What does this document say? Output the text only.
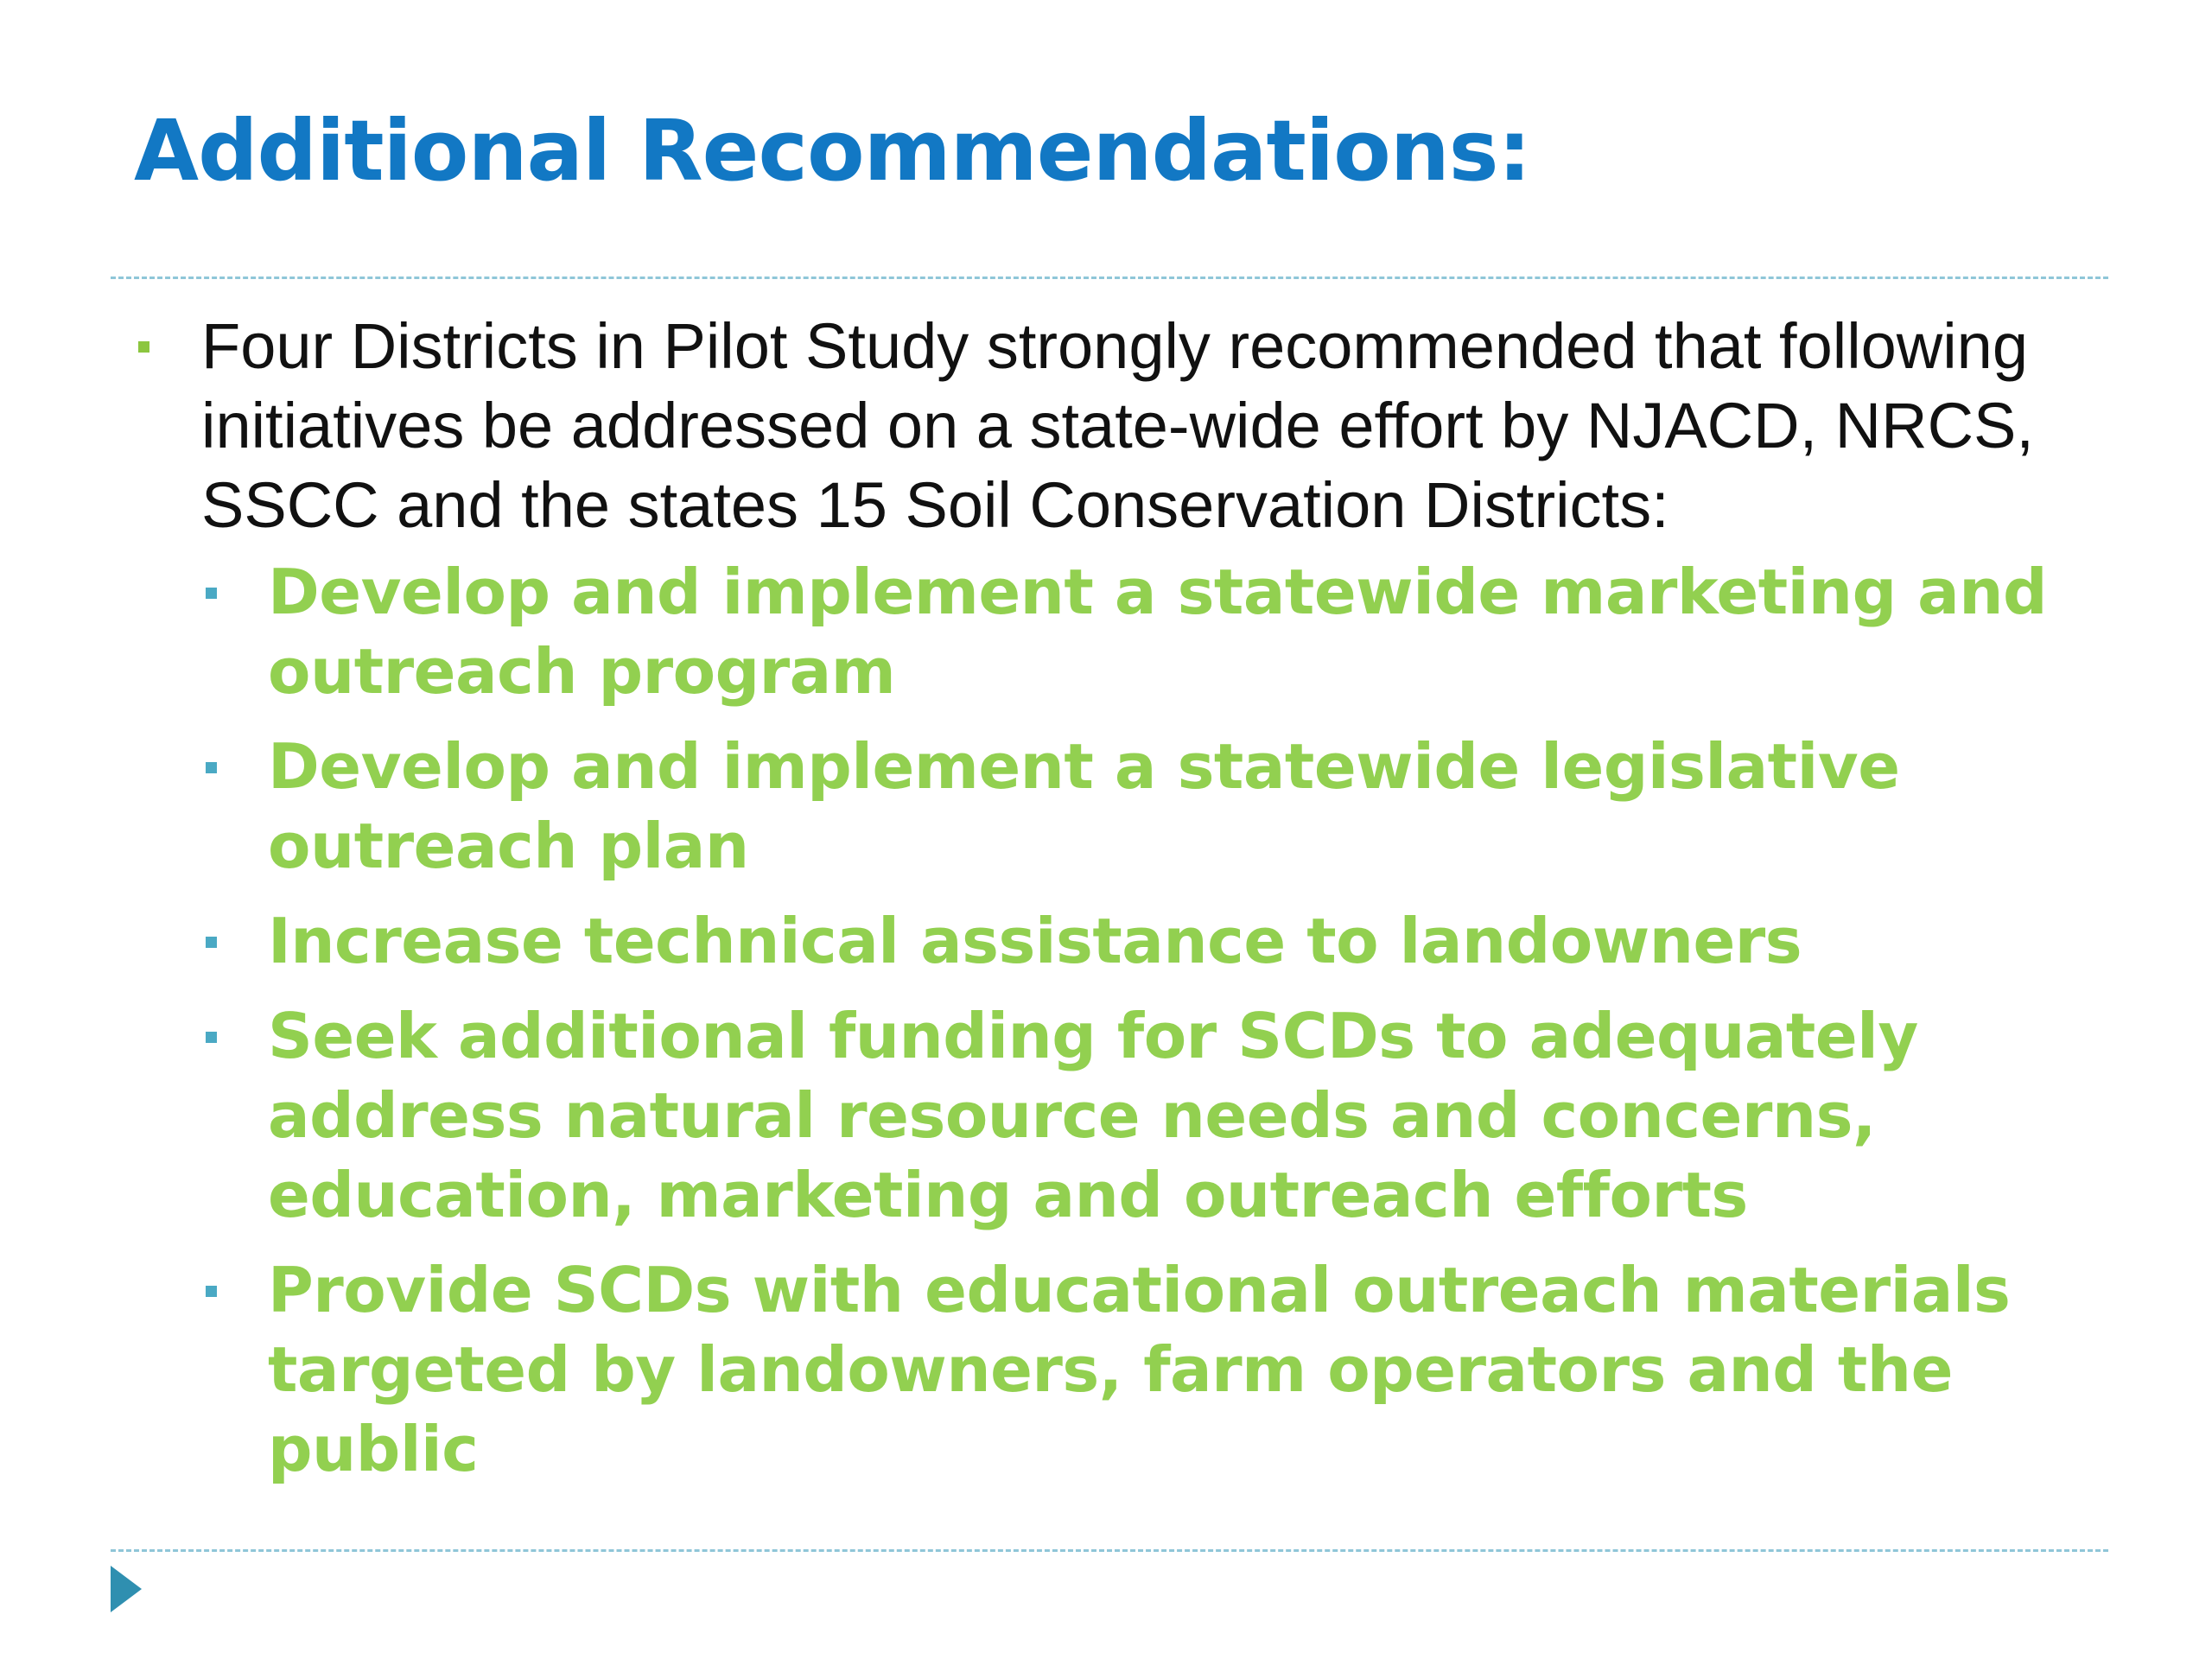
Additional Recommendations:
Four Districts in Pilot Study strongly recommended that following initiatives be addressed on a state-wide effort by NJACD, NRCS, SSCC and the states 15 Soil Conservation Districts:
Develop and implement a statewide marketing and outreach program
Develop and implement a statewide legislative outreach plan
Increase technical assistance to landowners
Seek additional funding for SCDs to adequately address natural resource needs and concerns, education, marketing and outreach efforts
Provide SCDs with educational outreach materials targeted by landowners, farm operators and the public
